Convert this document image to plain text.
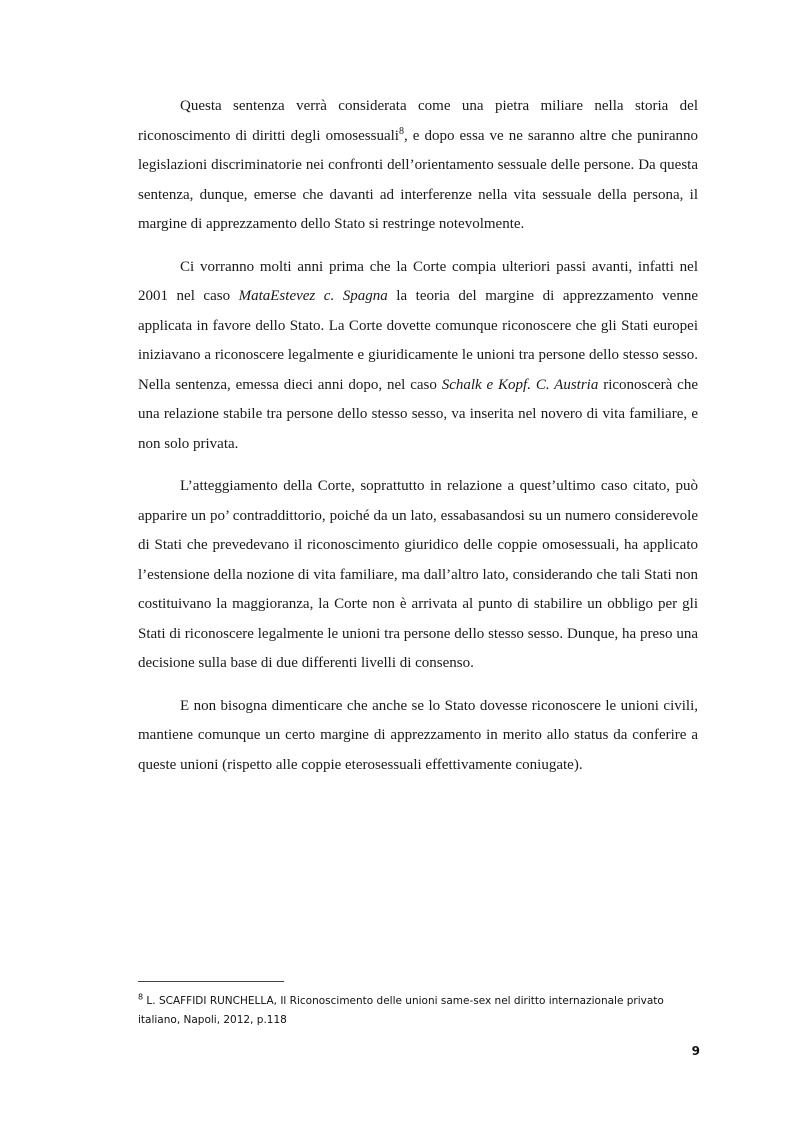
Questa sentenza verrà considerata come una pietra miliare nella storia del riconoscimento di diritti degli omosessuali$^8$, e dopo essa ve ne saranno altre che puniranno legislazioni discriminatorie nei confronti dell’orientamento sessuale delle persone. Da questa sentenza, dunque, emerse che davanti ad interferenze nella vita sessuale della persona, il margine di apprezzamento dello Stato si restringe notevolmente.

Ci vorranno molti anni prima che la Corte compia ulteriori passi avanti, infatti nel 2001 nel caso MataEstevez c. Spagna la teoria del margine di apprezzamento venne applicata in favore dello Stato. La Corte dovette comunque riconoscere che gli Stati europei iniziavano a riconoscere legalmente e giuridicamente le unioni tra persone dello stesso sesso. Nella sentenza, emessa dieci anni dopo, nel caso Schalk e Kopf. C. Austria riconoscerà che una relazione stabile tra persone dello stesso sesso, va inserita nel novero di vita familiare, e non solo privata.

L’atteggiamento della Corte, soprattutto in relazione a quest’ultimo caso citato, può apparire un po’ contraddittorio, poiché da un lato, essabasandosi su un numero considerevole di Stati che prevedevano il riconoscimento giuridico delle coppie omosessuali, ha applicato l’estensione della nozione di vita familiare, ma dall’altro lato, considerando che tali Stati non costituivano la maggioranza, la Corte non è arrivata al punto di stabilire un obbligo per gli Stati di riconoscere legalmente le unioni tra persone dello stesso sesso. Dunque, ha preso una decisione sulla base di due differenti livelli di consenso.

E non bisogna dimenticare che anche se lo Stato dovesse riconoscere le unioni civili, mantiene comunque un certo margine di apprezzamento in merito allo status da conferire a queste unioni (rispetto alle coppie eterosessuali effettivamente coniugate).

$^8$ L. SCAFFIDI RUNCHELLA, Il Riconoscimento delle unioni same-sex nel diritto internazionale privato italiano, Napoli, 2012, p.118
9
